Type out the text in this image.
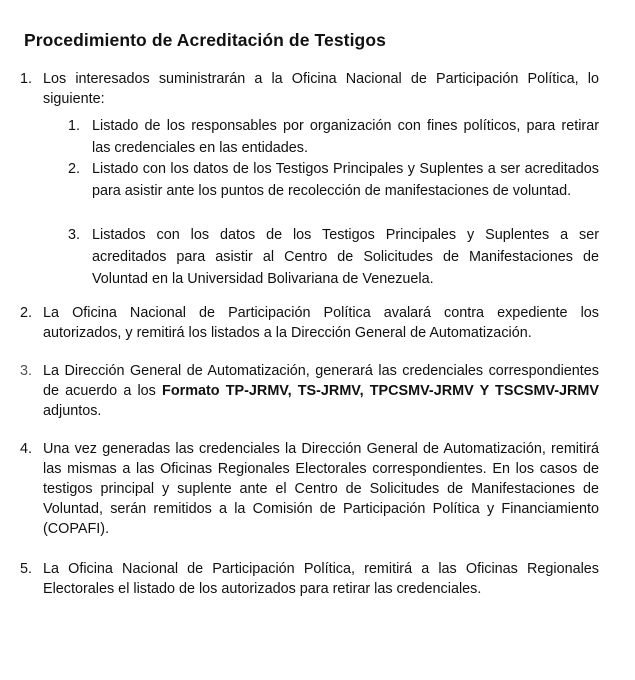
Procedimiento de Acreditación de Testigos
1. Los interesados suministrarán a la Oficina Nacional de Participación Política, lo siguiente:
1. Listado de los responsables por organización con fines políticos, para retirar las credenciales en las entidades.
2. Listado con los datos de los Testigos Principales y Suplentes a ser acreditados para asistir ante los puntos de recolección de manifestaciones de voluntad.
3. Listados con los datos de los Testigos Principales y Suplentes a ser acreditados para asistir al Centro de Solicitudes de Manifestaciones de Voluntad en la Universidad Bolivariana de Venezuela.
2. La Oficina Nacional de Participación Política avalará contra expediente los autorizados, y remitirá los listados a la Dirección General de Automatización.
3. La Dirección General de Automatización, generará las credenciales correspondientes de acuerdo a los Formato TP-JRMV, TS-JRMV, TPCSMV-JRMV Y TSCSMV-JRMV adjuntos.
4. Una vez generadas las credenciales la Dirección General de Automatización, remitirá las mismas a las Oficinas Regionales Electorales correspondientes. En los casos de testigos principal y suplente ante el Centro de Solicitudes de Manifestaciones de Voluntad, serán remitidos a la Comisión de Participación Política y Financiamiento (COPAFI).
5. La Oficina Nacional de Participación Política, remitirá a las Oficinas Regionales Electorales el listado de los autorizados para retirar las credenciales.
